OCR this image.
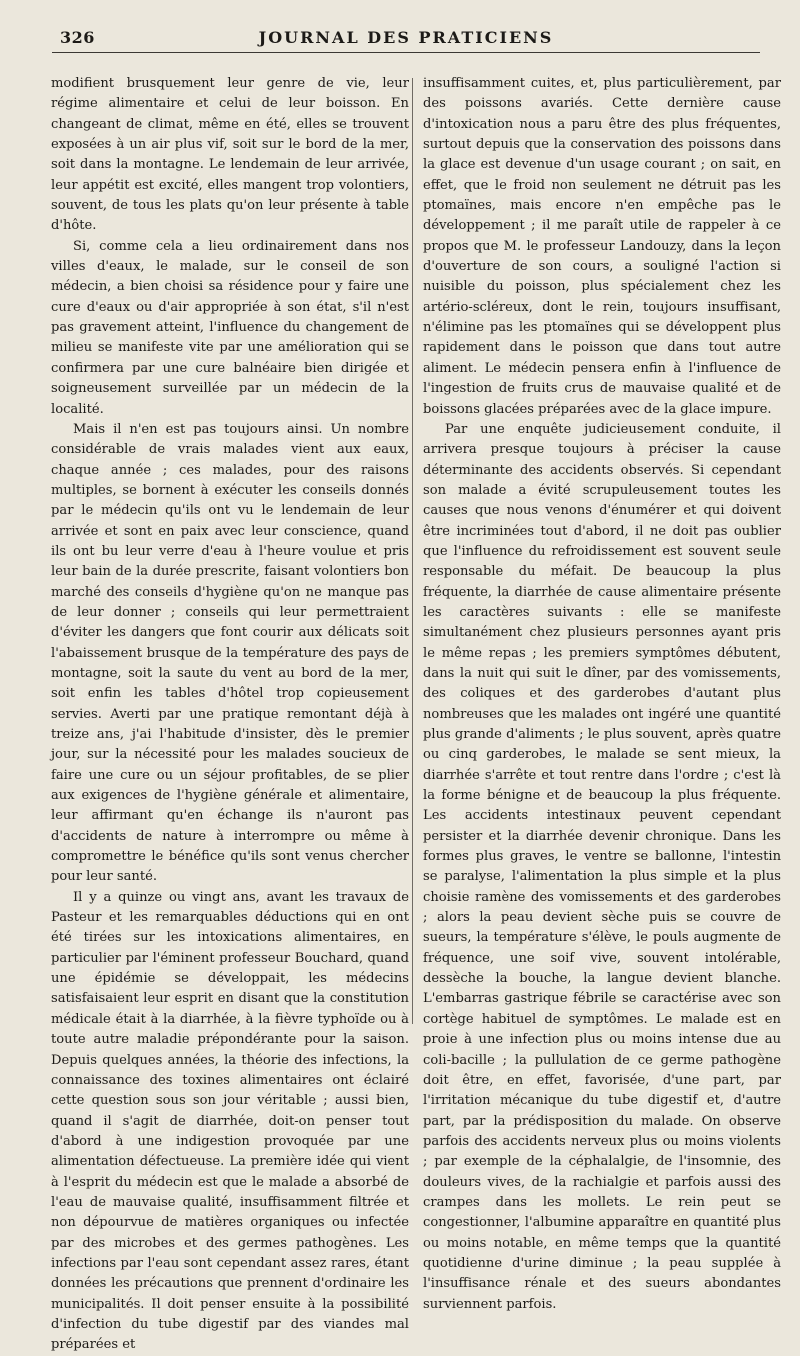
326	JOURNAL DES PRATICIENS

modifient brusquement leur genre de vie, leur régime alimentaire et celui de leur boisson. En changeant de climat, même en été, elles se trouvent exposées à un air plus vif, soit sur le bord de la mer, soit dans la montagne. Le lendemain de leur arrivée, leur appétit est excité, elles mangent trop volontiers, souvent, de tous les plats qu'on leur présente à table d'hôte.

Si, comme cela a lieu ordinairement dans nos villes d'eaux, le malade, sur le conseil de son médecin, a bien choisi sa résidence pour y faire une cure d'eaux ou d'air appropriée à son état, s'il n'est pas gravement atteint, l'influence du changement de milieu se manifeste vite par une amélioration qui se confirmera par une cure balnéaire bien dirigée et soigneusement surveillée par un médecin de la localité.

Mais il n'en est pas toujours ainsi. Un nombre considérable de vrais malades vient aux eaux, chaque année ; ces malades, pour des raisons multiples, se bornent à exécuter les conseils donnés par le médecin qu'ils ont vu le lendemain de leur arrivée et sont en paix avec leur conscience, quand ils ont bu leur verre d'eau à l'heure voulue et pris leur bain de la durée prescrite, faisant volontiers bon marché des conseils d'hygiène qu'on ne manque pas de leur donner ; conseils qui leur permettraient d'éviter les dangers que font courir aux délicats soit l'abaissement brusque de la température des pays de montagne, soit la saute du vent au bord de la mer, soit enfin les tables d'hôtel trop copieusement servies. Averti par une pratique remontant déjà à treize ans, j'ai l'habitude d'insister, dès le premier jour, sur la nécessité pour les malades soucieux de faire une cure ou un séjour profitables, de se plier aux exigences de l'hygiène générale et alimentaire, leur affirmant qu'en échange ils n'auront pas d'accidents de nature à interrompre ou même à compromettre le bénéfice qu'ils sont venus chercher pour leur santé.

Il y a quinze ou vingt ans, avant les travaux de Pasteur et les remarquables déductions qui en ont été tirées sur les intoxications alimentaires, en particulier par l'éminent professeur Bouchard, quand une épidémie se développait, les médecins satisfaisaient leur esprit en disant que la constitution médicale était à la diarrhée, à la fièvre typhoïde ou à toute autre maladie prépondérante pour la saison. Depuis quelques années, la théorie des infections, la connaissance des toxines alimentaires ont éclairé cette question sous son jour véritable ; aussi bien, quand il s'agit de diarrhée, doit-on penser tout d'abord à une indigestion provoquée par une alimentation défectueuse. La première idée qui vient à l'esprit du médecin est que le malade a absorbé de l'eau de mauvaise qualité, insuffisamment filtrée et non dépourvue de matières organiques ou infectée par des microbes et des germes pathogènes. Les infections par l'eau sont cependant assez rares, étant données les précautions que prennent d'ordinaire les municipalités. Il doit penser ensuite à la possibilité d'infection du tube digestif par des viandes mal préparées et

insuffisamment cuites, et, plus particulièrement, par des poissons avariés. Cette dernière cause d'intoxication nous a paru être des plus fréquentes, surtout depuis que la conservation des poissons dans la glace est devenue d'un usage courant ; on sait, en effet, que le froid non seulement ne détruit pas les ptomaïnes, mais encore n'en empêche pas le développement ; il me paraît utile de rappeler à ce propos que M. le professeur Landouzy, dans la leçon d'ouverture de son cours, a souligné l'action si nuisible du poisson, plus spécialement chez les artério-scléreux, dont le rein, toujours insuffisant, n'élimine pas les ptomaïnes qui se développent plus rapidement dans le poisson que dans tout autre aliment. Le médecin pensera enfin à l'influence de l'ingestion de fruits crus de mauvaise qualité et de boissons glacées préparées avec de la glace impure.

Par une enquête judicieusement conduite, il arrivera presque toujours à préciser la cause déterminante des accidents observés. Si cependant son malade a évité scrupuleusement toutes les causes que nous venons d'énumérer et qui doivent être incriminées tout d'abord, il ne doit pas oublier que l'influence du refroidissement est souvent seule responsable du méfait. De beaucoup la plus fréquente, la diarrhée de cause alimentaire présente les caractères suivants : elle se manifeste simultanément chez plusieurs personnes ayant pris le même repas ; les premiers symptômes débutent, dans la nuit qui suit le dîner, par des vomissements, des coliques et des garderobes d'autant plus nombreuses que les malades ont ingéré une quantité plus grande d'aliments ; le plus souvent, après quatre ou cinq garderobes, le malade se sent mieux, la diarrhée s'arrête et tout rentre dans l'ordre ; c'est là la forme bénigne et de beaucoup la plus fréquente. Les accidents intestinaux peuvent cependant persister et la diarrhée devenir chronique. Dans les formes plus graves, le ventre se ballonne, l'intestin se paralyse, l'alimentation la plus simple et la plus choisie ramène des vomissements et des garderobes ; alors la peau devient sèche puis se couvre de sueurs, la température s'élève, le pouls augmente de fréquence, une soif vive, souvent intolérable, dessèche la bouche, la langue devient blanche. L'embarras gastrique fébrile se caractérise avec son cortège habituel de symptômes. Le malade est en proie à une infection plus ou moins intense due au coli-bacille ; la pullulation de ce germe pathogène doit être, en effet, favorisée, d'une part, par l'irritation mécanique du tube digestif et, d'autre part, par la prédisposition du malade. On observe parfois des accidents nerveux plus ou moins violents ; par exemple de la céphalalgie, de l'insomnie, des douleurs vives, de la rachialgie et parfois aussi des crampes dans les mollets. Le rein peut se congestionner, l'albumine apparaître en quantité plus ou moins notable, en même temps que la quantité quotidienne d'urine diminue ; la peau supplée à l'insuffisance rénale et des sueurs abondantes surviennent parfois.
